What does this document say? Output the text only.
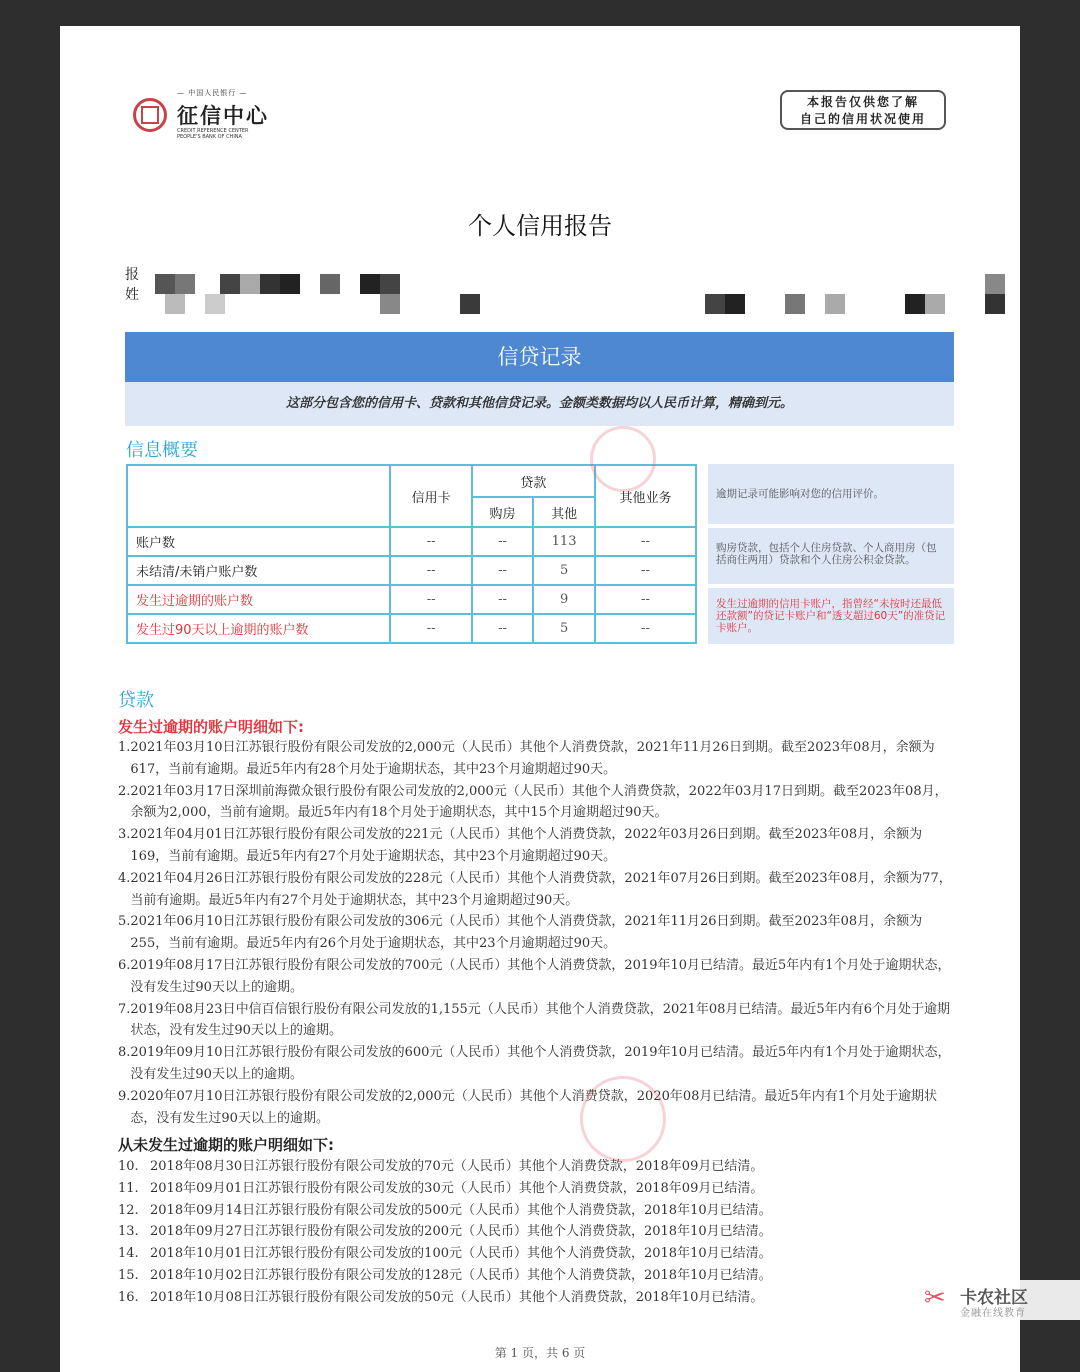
— 中国人民银行 —
征信中心
CREDIT REFERENCE CENTER PEOPLE'S BANK OF CHINA
本报告仅供您了解
自己的信用状况使用
个人信用报告
报
姓
信贷记录
这部分包含您的信用卡、贷款和其他信贷记录。金额类数据均以人民币计算，精确到元。
信息概要
	信用卡	贷款		其他业务
		购房	其他	
账户数	--	--	113	--
未结清/未销户账户数	--	--	5	--
发生过逾期的账户数	--	--	9	--
发生过90天以上逾期的账户数	--	--	5	--
逾期记录可能影响对您的信用评价。
购房贷款，包括个人住房贷款、个人商用房（包括商住两用）贷款和个人住房公积金贷款。
发生过逾期的信用卡账户，指曾经“未按时还最低还款额”的贷记卡账户和“透支超过60天”的准贷记卡账户。
贷款
发生过逾期的账户明细如下:
1. 2021年03月10日江苏银行股份有限公司发放的2,000元（人民币）其他个人消费贷款，2021年11月26日到期。截至2023年08月，余额为617，当前有逾期。最近5年内有28个月处于逾期状态，其中23个月逾期超过90天。
2. 2021年03月17日深圳前海微众银行股份有限公司发放的2,000元（人民币）其他个人消费贷款，2022年03月17日到期。截至2023年08月，余额为2,000，当前有逾期。最近5年内有18个月处于逾期状态，其中15个月逾期超过90天。
3. 2021年04月01日江苏银行股份有限公司发放的221元（人民币）其他个人消费贷款，2022年03月26日到期。截至2023年08月，余额为169，当前有逾期。最近5年内有27个月处于逾期状态，其中23个月逾期超过90天。
4. 2021年04月26日江苏银行股份有限公司发放的228元（人民币）其他个人消费贷款，2021年07月26日到期。截至2023年08月，余额为77，当前有逾期。最近5年内有27个月处于逾期状态，其中23个月逾期超过90天。
5. 2021年06月10日江苏银行股份有限公司发放的306元（人民币）其他个人消费贷款，2021年11月26日到期。截至2023年08月，余额为255，当前有逾期。最近5年内有26个月处于逾期状态，其中23个月逾期超过90天。
6. 2019年08月17日江苏银行股份有限公司发放的700元（人民币）其他个人消费贷款，2019年10月已结清。最近5年内有1个月处于逾期状态，没有发生过90天以上的逾期。
7. 2019年08月23日中信百信银行股份有限公司发放的1,155元（人民币）其他个人消费贷款，2021年08月已结清。最近5年内有6个月处于逾期状态，没有发生过90天以上的逾期。
8. 2019年09月10日江苏银行股份有限公司发放的600元（人民币）其他个人消费贷款，2019年10月已结清。最近5年内有1个月处于逾期状态，没有发生过90天以上的逾期。
9. 2020年07月10日江苏银行股份有限公司发放的2,000元（人民币）其他个人消费贷款，2020年08月已结清。最近5年内有1个月处于逾期状态，没有发生过90天以上的逾期。
从未发生过逾期的账户明细如下:
10. 2018年08月30日江苏银行股份有限公司发放的70元（人民币）其他个人消费贷款，2018年09月已结清。
11. 2018年09月01日江苏银行股份有限公司发放的30元（人民币）其他个人消费贷款，2018年09月已结清。
12. 2018年09月14日江苏银行股份有限公司发放的500元（人民币）其他个人消费贷款，2018年10月已结清。
13. 2018年09月27日江苏银行股份有限公司发放的200元（人民币）其他个人消费贷款，2018年10月已结清。
14. 2018年10月01日江苏银行股份有限公司发放的100元（人民币）其他个人消费贷款，2018年10月已结清。
15. 2018年10月02日江苏银行股份有限公司发放的128元（人民币）其他个人消费贷款，2018年10月已结清。
16. 2018年10月08日江苏银行股份有限公司发放的50元（人民币）其他个人消费贷款，2018年10月已结清。
第 1 页，共 6 页
✂ 卡农社区
金融在线教育
